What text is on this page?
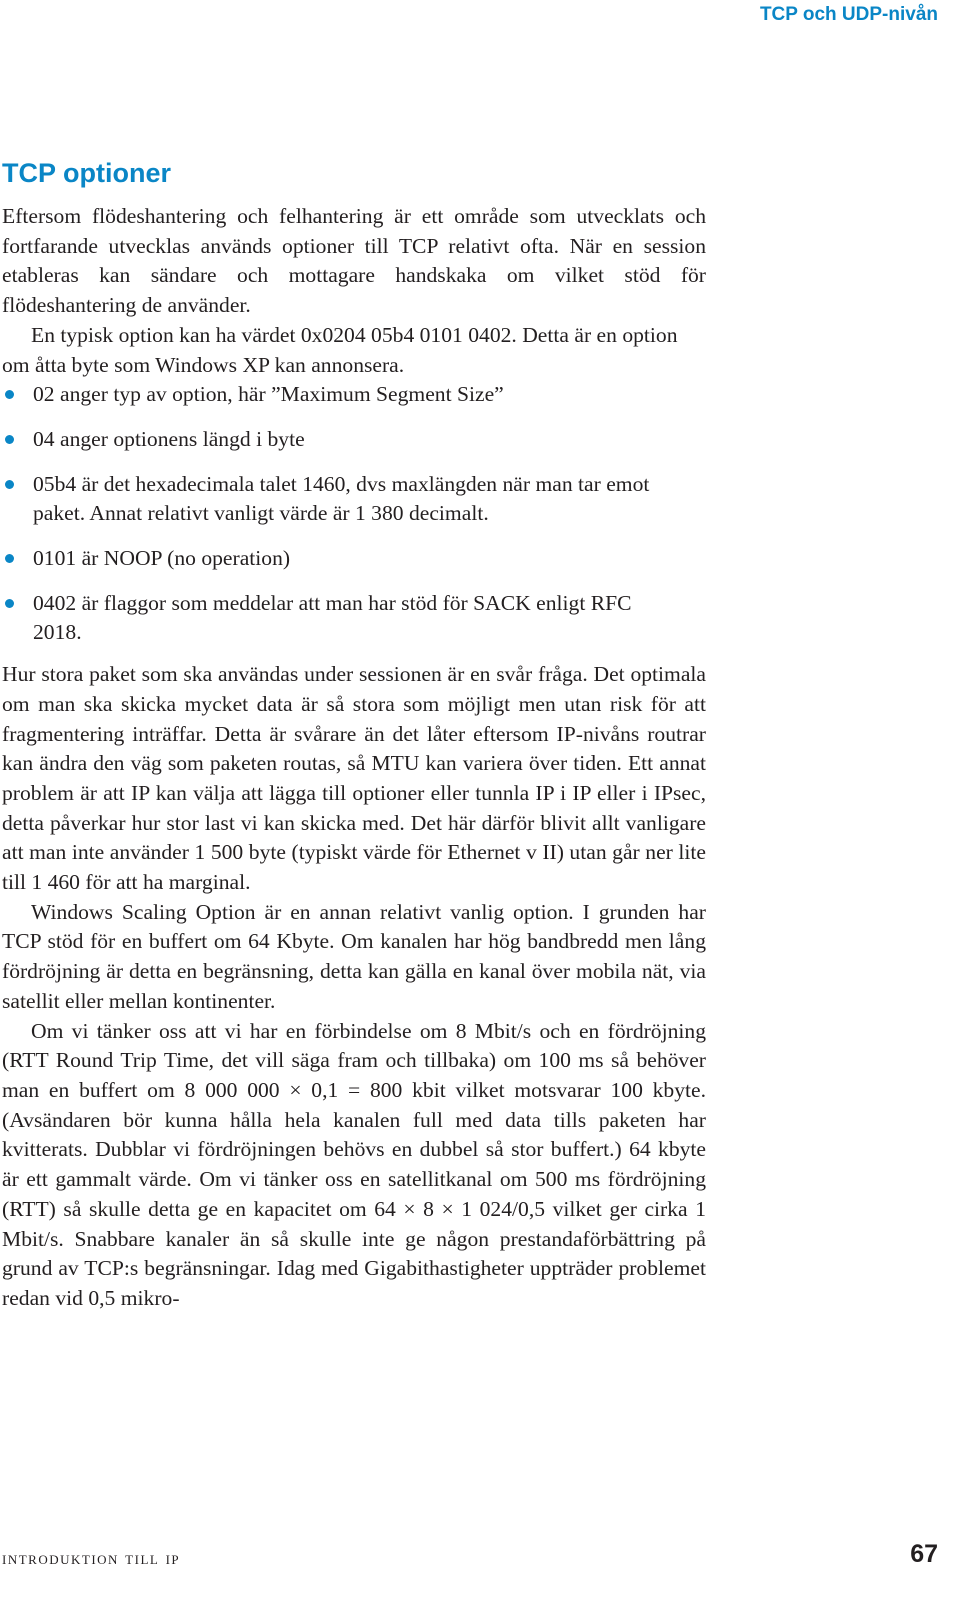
TCP och UDP-nivån
TCP optioner

Eftersom flödeshantering och felhantering är ett område som utvecklats och fortfarande utvecklas används optioner till TCP relativt ofta. När en session etableras kan sändare och mottagare handskaka om vilket stöd för flödeshantering de använder.

En typisk option kan ha värdet 0x0204 05b4 0101 0402. Detta är en option om åtta byte som Windows XP kan annonsera.

02 anger typ av option, här ”Maximum Segment Size”
04 anger optionens längd i byte
05b4 är det hexadecimala talet 1460, dvs maxlängden när man tar emot paket. Annat relativt vanligt värde är 1 380 decimalt.
0101 är NOOP (no operation)
0402 är flaggor som meddelar att man har stöd för SACK enligt RFC 2018.

Hur stora paket som ska användas under sessionen är en svår fråga. Det optimala om man ska skicka mycket data är så stora som möjligt men utan risk för att fragmentering inträffar. Detta är svårare än det låter eftersom IP-nivåns routrar kan ändra den väg som paketen routas, så MTU kan variera över tiden. Ett annat problem är att IP kan välja att lägga till optioner eller tunnla IP i IP eller i IPsec, detta påverkar hur stor last vi kan skicka med. Det här därför blivit allt vanligare att man inte använder 1 500 byte (typiskt värde för Ethernet v II) utan går ner lite till 1 460 för att ha marginal.

Windows Scaling Option är en annan relativt vanlig option. I grunden har TCP stöd för en buffert om 64 Kbyte. Om kanalen har hög bandbredd men lång fördröjning är detta en begränsning, detta kan gälla en kanal över mobila nät, via satellit eller mellan kontinenter.

Om vi tänker oss att vi har en förbindelse om 8 Mbit/s och en fördröjning (RTT Round Trip Time, det vill säga fram och tillbaka) om 100 ms så behöver man en buffert om 8 000 000 × 0,1 = 800 kbit vilket motsvarar 100 kbyte. (Avsändaren bör kunna hålla hela kanalen full med data tills paketen har kvitterats. Dubblar vi fördröjningen behövs en dubbel så stor buffert.) 64 kbyte är ett gammalt värde. Om vi tänker oss en satellitkanal om 500 ms fördröjning (RTT) så skulle detta ge en kapacitet om 64 × 8 × 1 024/0,5 vilket ger cirka 1 Mbit/s. Snabbare kanaler än så skulle inte ge någon prestandaförbättring på grund av TCP:s begränsningar. Idag med Gigabithastigheter uppträder problemet redan vid 0,5 mikro-

introduktion till ip	67
